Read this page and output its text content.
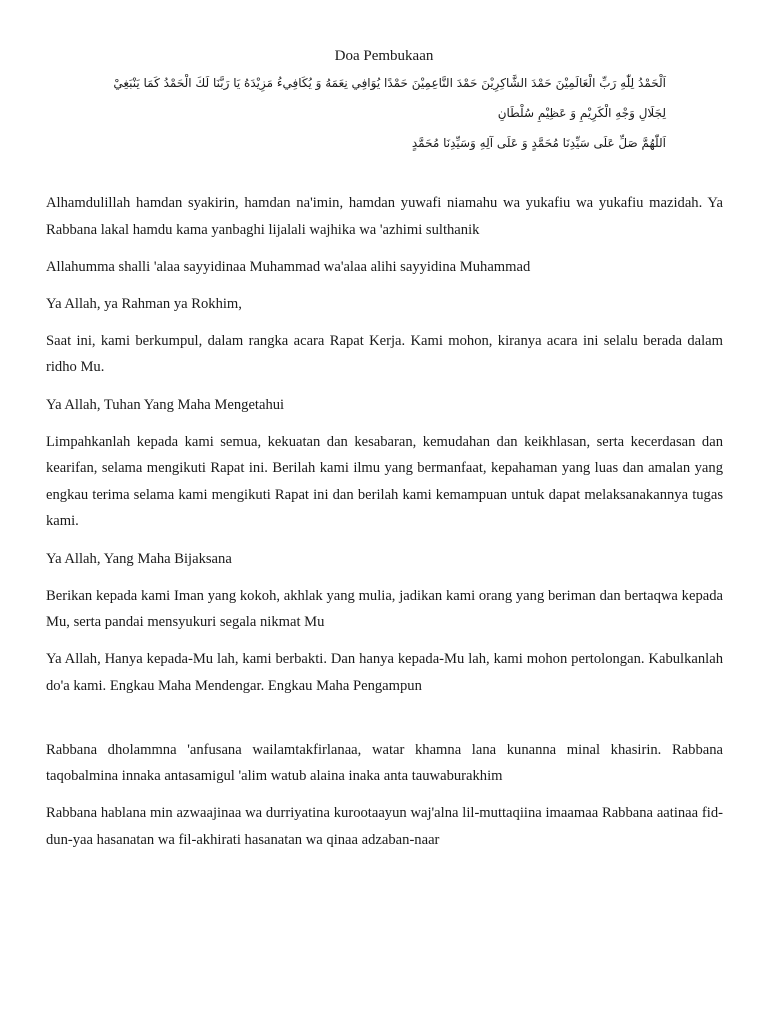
Doa Pembukaan
اَلْحَمْدُ لِلّٰهِ رَبِّ الْعَالَمِيْنَ حَمْدَ الشَّاكِرِيْنَ حَمْدَ النَّاعِمِيْنَ حَمْدًا يُوَافِي نِعَمَهُ وَ يُكَافِيءُ مَزِيْدَهُ يَا رَبَّنَا لَكَ الْحَمْدُ كَمَا يَنْبَغِيْ لِجَلَالِ وَجْهِ الْكَرِيْمِ وَ عَظِيْمِ سُلْطَانِ
اَللّٰهُمَّ صَلِّ عَلَى سَيِّدِنَا مُحَمَّدٍ وَ عَلَى آلِهِ وَسَيِّدِنَا مُحَمَّدٍ

Alhamdulillah hamdan syakirin, hamdan na'imin, hamdan yuwafi niamahu wa yukafiu wa yukafiu mazidah. Ya Rabbana lakal hamdu kama yanbaghi lijalali wajhika wa 'azhimi sulthanik

Allahumma shalli 'alaa sayyidinaa Muhammad wa'alaa alihi sayyidina Muhammad

Ya Allah, ya Rahman ya Rokhim,

Saat ini, kami berkumpul, dalam rangka acara Rapat Kerja. Kami mohon, kiranya acara ini selalu berada dalam ridho Mu.

Ya Allah, Tuhan Yang Maha Mengetahui

Limpahkanlah kepada kami semua, kekuatan dan kesabaran, kemudahan dan keikhlasan, serta kecerdasan dan kearifan, selama mengikuti Rapat ini. Berilah kami ilmu yang bermanfaat, kepahaman yang luas dan amalan yang engkau terima selama kami mengikuti Rapat ini dan berilah kami kemampuan untuk dapat melaksanakannya tugas kami.

Ya Allah, Yang Maha Bijaksana

Berikan kepada kami Iman yang kokoh, akhlak yang mulia, jadikan kami orang yang beriman dan bertaqwa kepada Mu, serta pandai mensyukuri segala nikmat Mu

Ya Allah, Hanya kepada-Mu lah, kami berbakti. Dan hanya kepada-Mu lah, kami mohon pertolongan. Kabulkanlah do'a kami. Engkau Maha Mendengar. Engkau Maha Pengampun

Rabbana dholammna 'anfusana wailamtakfirlanaa, watar khamna lana kunanna minal khasirin. Rabbana taqobalmina innaka antasamigul 'alim watub alaina inaka anta tauwaburakhim

Rabbana hablana min azwaajinaa wa durriyatina kurootaayun waj'alna lil-muttaqiina imaamaa Rabbana aatinaa fid-dun-yaa hasanatan wa fil-akhirati hasanatan wa qinaa adzaban-naar
